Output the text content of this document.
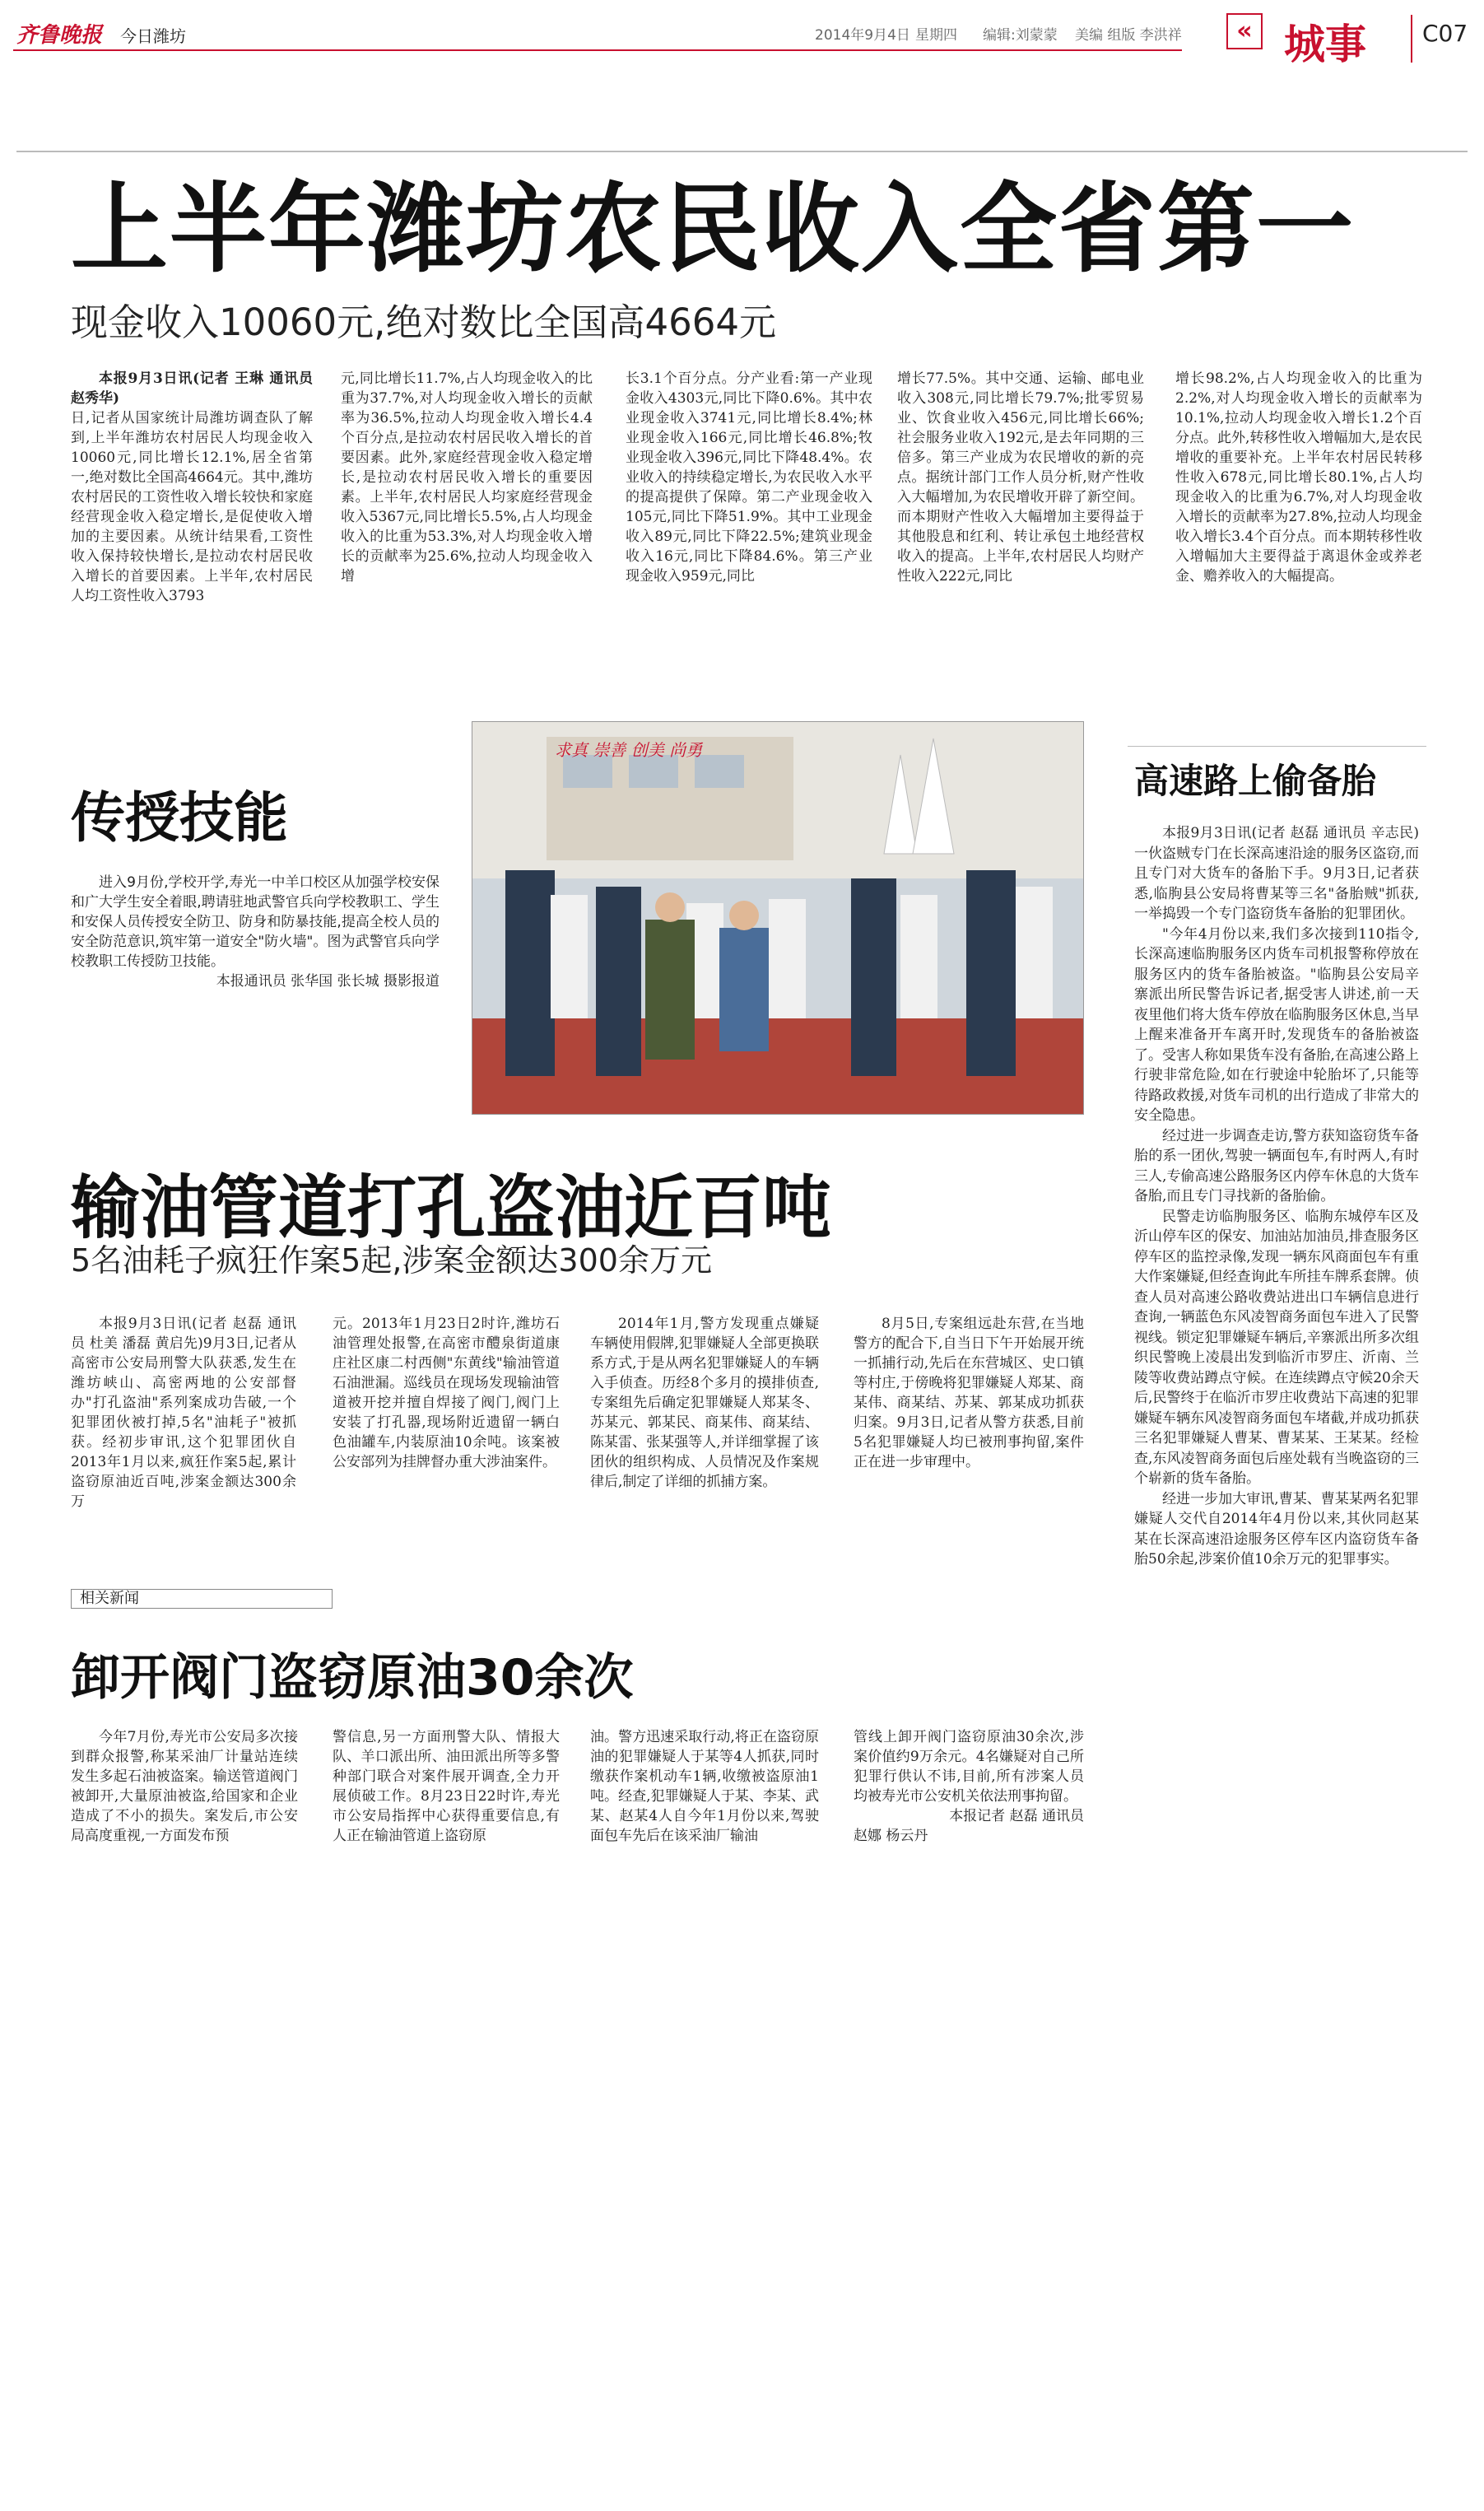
齐鲁晚报 今日潍坊	2014年9月4日 星期四 编辑:刘蒙蒙 美编 组版 李洪祥	« 城事 C07
上半年潍坊农民收入全省第一
现金收入10060元,绝对数比全国高4664元

本报9月3日讯(记者 王琳 通讯员 赵秀华)

日,记者从国家统计局潍坊调查队了解到,上半年潍坊农村居民人均现金收入10060元,同比增长12.1%,居全省第一,绝对数比全国高4664元。其中,潍坊农村居民的工资性收入增长较快和家庭经营现金收入稳定增长,是促使收入增加的主要因素。从统计结果看,工资性收入保持较快增长,是拉动农村居民收入增长的首要因素。上半年,农村居民人均工资性收入3793

元,同比增长11.7%,占人均现金收入的比重为37.7%,对人均现金收入增长的贡献率为36.5%,拉动人均现金收入增长4.4个百分点,是拉动农村居民收入增长的首要因素。此外,家庭经营现金收入稳定增长,是拉动农村居民收入增长的重要因素。上半年,农村居民人均家庭经营现金收入5367元,同比增长5.5%,占人均现金收入的比重为53.3%,对人均现金收入增长的贡献率为25.6%,拉动人均现金收入增

长3.1个百分点。分产业看:第一产业现金收入4303元,同比下降0.6%。其中农业现金收入3741元,同比增长8.4%;林业现金收入166元,同比增长46.8%;牧业现金收入396元,同比下降48.4%。农业收入的持续稳定增长,为农民收入水平的提高提供了保障。第二产业现金收入105元,同比下降51.9%。其中工业现金收入89元,同比下降22.5%;建筑业现金收入16元,同比下降84.6%。第三产业现金收入959元,同比

增长77.5%。其中交通、运输、邮电业收入308元,同比增长79.7%;批零贸易业、饮食业收入456元,同比增长66%;社会服务业收入192元,是去年同期的三倍多。第三产业成为农民增收的新的亮点。据统计部门工作人员分析,财产性收入大幅增加,为农民增收开辟了新空间。而本期财产性收入大幅增加主要得益于其他股息和红利、转让承包土地经营权收入的提高。上半年,农村居民人均财产性收入222元,同比

增长98.2%,占人均现金收入的比重为2.2%,对人均现金收入增长的贡献率为10.1%,拉动人均现金收入增长1.2个百分点。此外,转移性收入增幅加大,是农民增收的重要补充。上半年农村居民转移性收入678元,同比增长80.1%,占人均现金收入的比重为6.7%,对人均现金收入增长的贡献率为27.8%,拉动人均现金收入增长3.4个百分点。而本期转移性收入增幅加大主要得益于离退休金或养老金、赡养收入的大幅提高。

传授技能

进入9月份,学校开学,寿光一中羊口校区从加强学校安保和广大学生安全着眼,聘请驻地武警官兵向学校教职工、学生和安保人员传授安全防卫、防身和防暴技能,提高全校人员的安全防范意识,筑牢第一道安全"防火墙"。图为武警官兵向学校教职工传授防卫技能。

本报通讯员 张华国 张长城 摄影报道

求真 崇善 创美 尚勇
输油管道打孔盗油近百吨
5名油耗子疯狂作案5起,涉案金额达300余万元

本报9月3日讯(记者 赵磊 通讯员 杜美 潘磊 黄启先)9月3日,记者从高密市公安局刑警大队获悉,发生在潍坊峡山、高密两地的公安部督办"打孔盗油"系列案成功告破,一个犯罪团伙被打掉,5名"油耗子"被抓获。经初步审讯,这个犯罪团伙自2013年1月以来,疯狂作案5起,累计盗窃原油近百吨,涉案金额达300余万

元。2013年1月23日2时许,潍坊石油管理处报警,在高密市醴泉街道康庄社区康二村西侧"东黄线"输油管道石油泄漏。巡线员在现场发现输油管道被开挖并擅自焊接了阀门,阀门上安装了打孔器,现场附近遗留一辆白色油罐车,内装原油10余吨。该案被公安部列为挂牌督办重大涉油案件。

2014年1月,警方发现重点嫌疑车辆使用假牌,犯罪嫌疑人全部更换联系方式,于是从两名犯罪嫌疑人的车辆入手侦查。历经8个多月的摸排侦查,专案组先后确定犯罪嫌疑人郑某冬、苏某元、郭某民、商某伟、商某结、陈某雷、张某强等人,并详细掌握了该团伙的组织构成、人员情况及作案规律后,制定了详细的抓捕方案。

8月5日,专案组远赴东营,在当地警方的配合下,自当日下午开始展开统一抓捕行动,先后在东营城区、史口镇等村庄,于傍晚将犯罪嫌疑人郑某、商某伟、商某结、苏某、郭某成功抓获归案。9月3日,记者从警方获悉,目前5名犯罪嫌疑人均已被刑事拘留,案件正在进一步审理中。

相关新闻
卸开阀门盗窃原油30余次

今年7月份,寿光市公安局多次接到群众报警,称某采油厂计量站连续发生多起石油被盗案。输送管道阀门被卸开,大量原油被盗,给国家和企业造成了不小的损失。案发后,市公安局高度重视,一方面发布预

警信息,另一方面刑警大队、情报大队、羊口派出所、油田派出所等多警种部门联合对案件展开调查,全力开展侦破工作。8月23日22时许,寿光市公安局指挥中心获得重要信息,有人正在输油管道上盗窃原

油。警方迅速采取行动,将正在盗窃原油的犯罪嫌疑人于某等4人抓获,同时缴获作案机动车1辆,收缴被盗原油1吨。经查,犯罪嫌疑人于某、李某、武某、赵某4人自今年1月份以来,驾驶面包车先后在该采油厂输油

管线上卸开阀门盗窃原油30余次,涉案价值约9万余元。4名嫌疑对自己所犯罪行供认不讳,目前,所有涉案人员均被寿光市公安机关依法刑事拘留。

本报记者 赵磊 通讯员

赵娜 杨云丹

高速路上偷备胎

本报9月3日讯(记者 赵磊 通讯员 辛志民)一伙盗贼专门在长深高速沿途的服务区盗窃,而且专门对大货车的备胎下手。9月3日,记者获悉,临朐县公安局将曹某等三名"备胎贼"抓获,一举捣毁一个专门盗窃货车备胎的犯罪团伙。

"今年4月份以来,我们多次接到110指令,长深高速临朐服务区内货车司机报警称停放在服务区内的货车备胎被盗。"临朐县公安局辛寨派出所民警告诉记者,据受害人讲述,前一天夜里他们将大货车停放在临朐服务区休息,当早上醒来准备开车离开时,发现货车的备胎被盗了。受害人称如果货车没有备胎,在高速公路上行驶非常危险,如在行驶途中轮胎坏了,只能等待路政救援,对货车司机的出行造成了非常大的安全隐患。

经过进一步调查走访,警方获知盗窃货车备胎的系一团伙,驾驶一辆面包车,有时两人,有时三人,专偷高速公路服务区内停车休息的大货车备胎,而且专门寻找新的备胎偷。

民警走访临朐服务区、临朐东城停车区及沂山停车区的保安、加油站加油员,排查服务区停车区的监控录像,发现一辆东风商面包车有重大作案嫌疑,但经查询此车所挂车牌系套牌。侦查人员对高速公路收费站进出口车辆信息进行查询,一辆蓝色东风凌智商务面包车进入了民警视线。锁定犯罪嫌疑车辆后,辛寨派出所多次组织民警晚上凌晨出发到临沂市罗庄、沂南、兰陵等收费站蹲点守候。在连续蹲点守候20余天后,民警终于在临沂市罗庄收费站下高速的犯罪嫌疑车辆东风凌智商务面包车堵截,并成功抓获三名犯罪嫌疑人曹某、曹某某、王某某。经检查,东风凌智商务面包后座处载有当晚盗窃的三个崭新的货车备胎。

经进一步加大审讯,曹某、曹某某两名犯罪嫌疑人交代自2014年4月份以来,其伙同赵某某在长深高速沿途服务区停车区内盗窃货车备胎50余起,涉案价值10余万元的犯罪事实。
